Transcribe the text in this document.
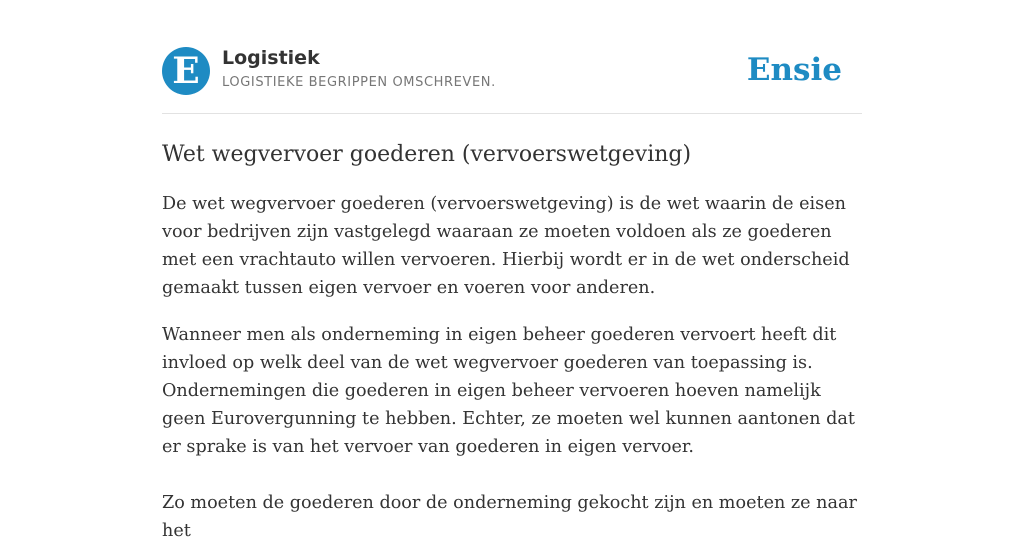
E	Logistiek
LOGISTIEKE BEGRIPPEN OMSCHREVEN.	Ensie
Wet wegvervoer goederen (vervoerswetgeving)

De wet wegvervoer goederen (vervoerswetgeving) is de wet waarin de eisen voor bedrijven zijn vastgelegd waaraan ze moeten voldoen als ze goederen met een vrachtauto willen vervoeren. Hierbij wordt er in de wet onderscheid gemaakt tussen eigen vervoer en voeren voor anderen.

Wanneer men als onderneming in eigen beheer goederen vervoert heeft dit invloed op welk deel van de wet wegvervoer goederen van toepassing is. Ondernemingen die goederen in eigen beheer vervoeren hoeven namelijk geen Eurovergunning te hebben. Echter, ze moeten wel kunnen aantonen dat er sprake is van het vervoer van goederen in eigen vervoer.

Zo moeten de goederen door de onderneming gekocht zijn en moeten ze naar het
